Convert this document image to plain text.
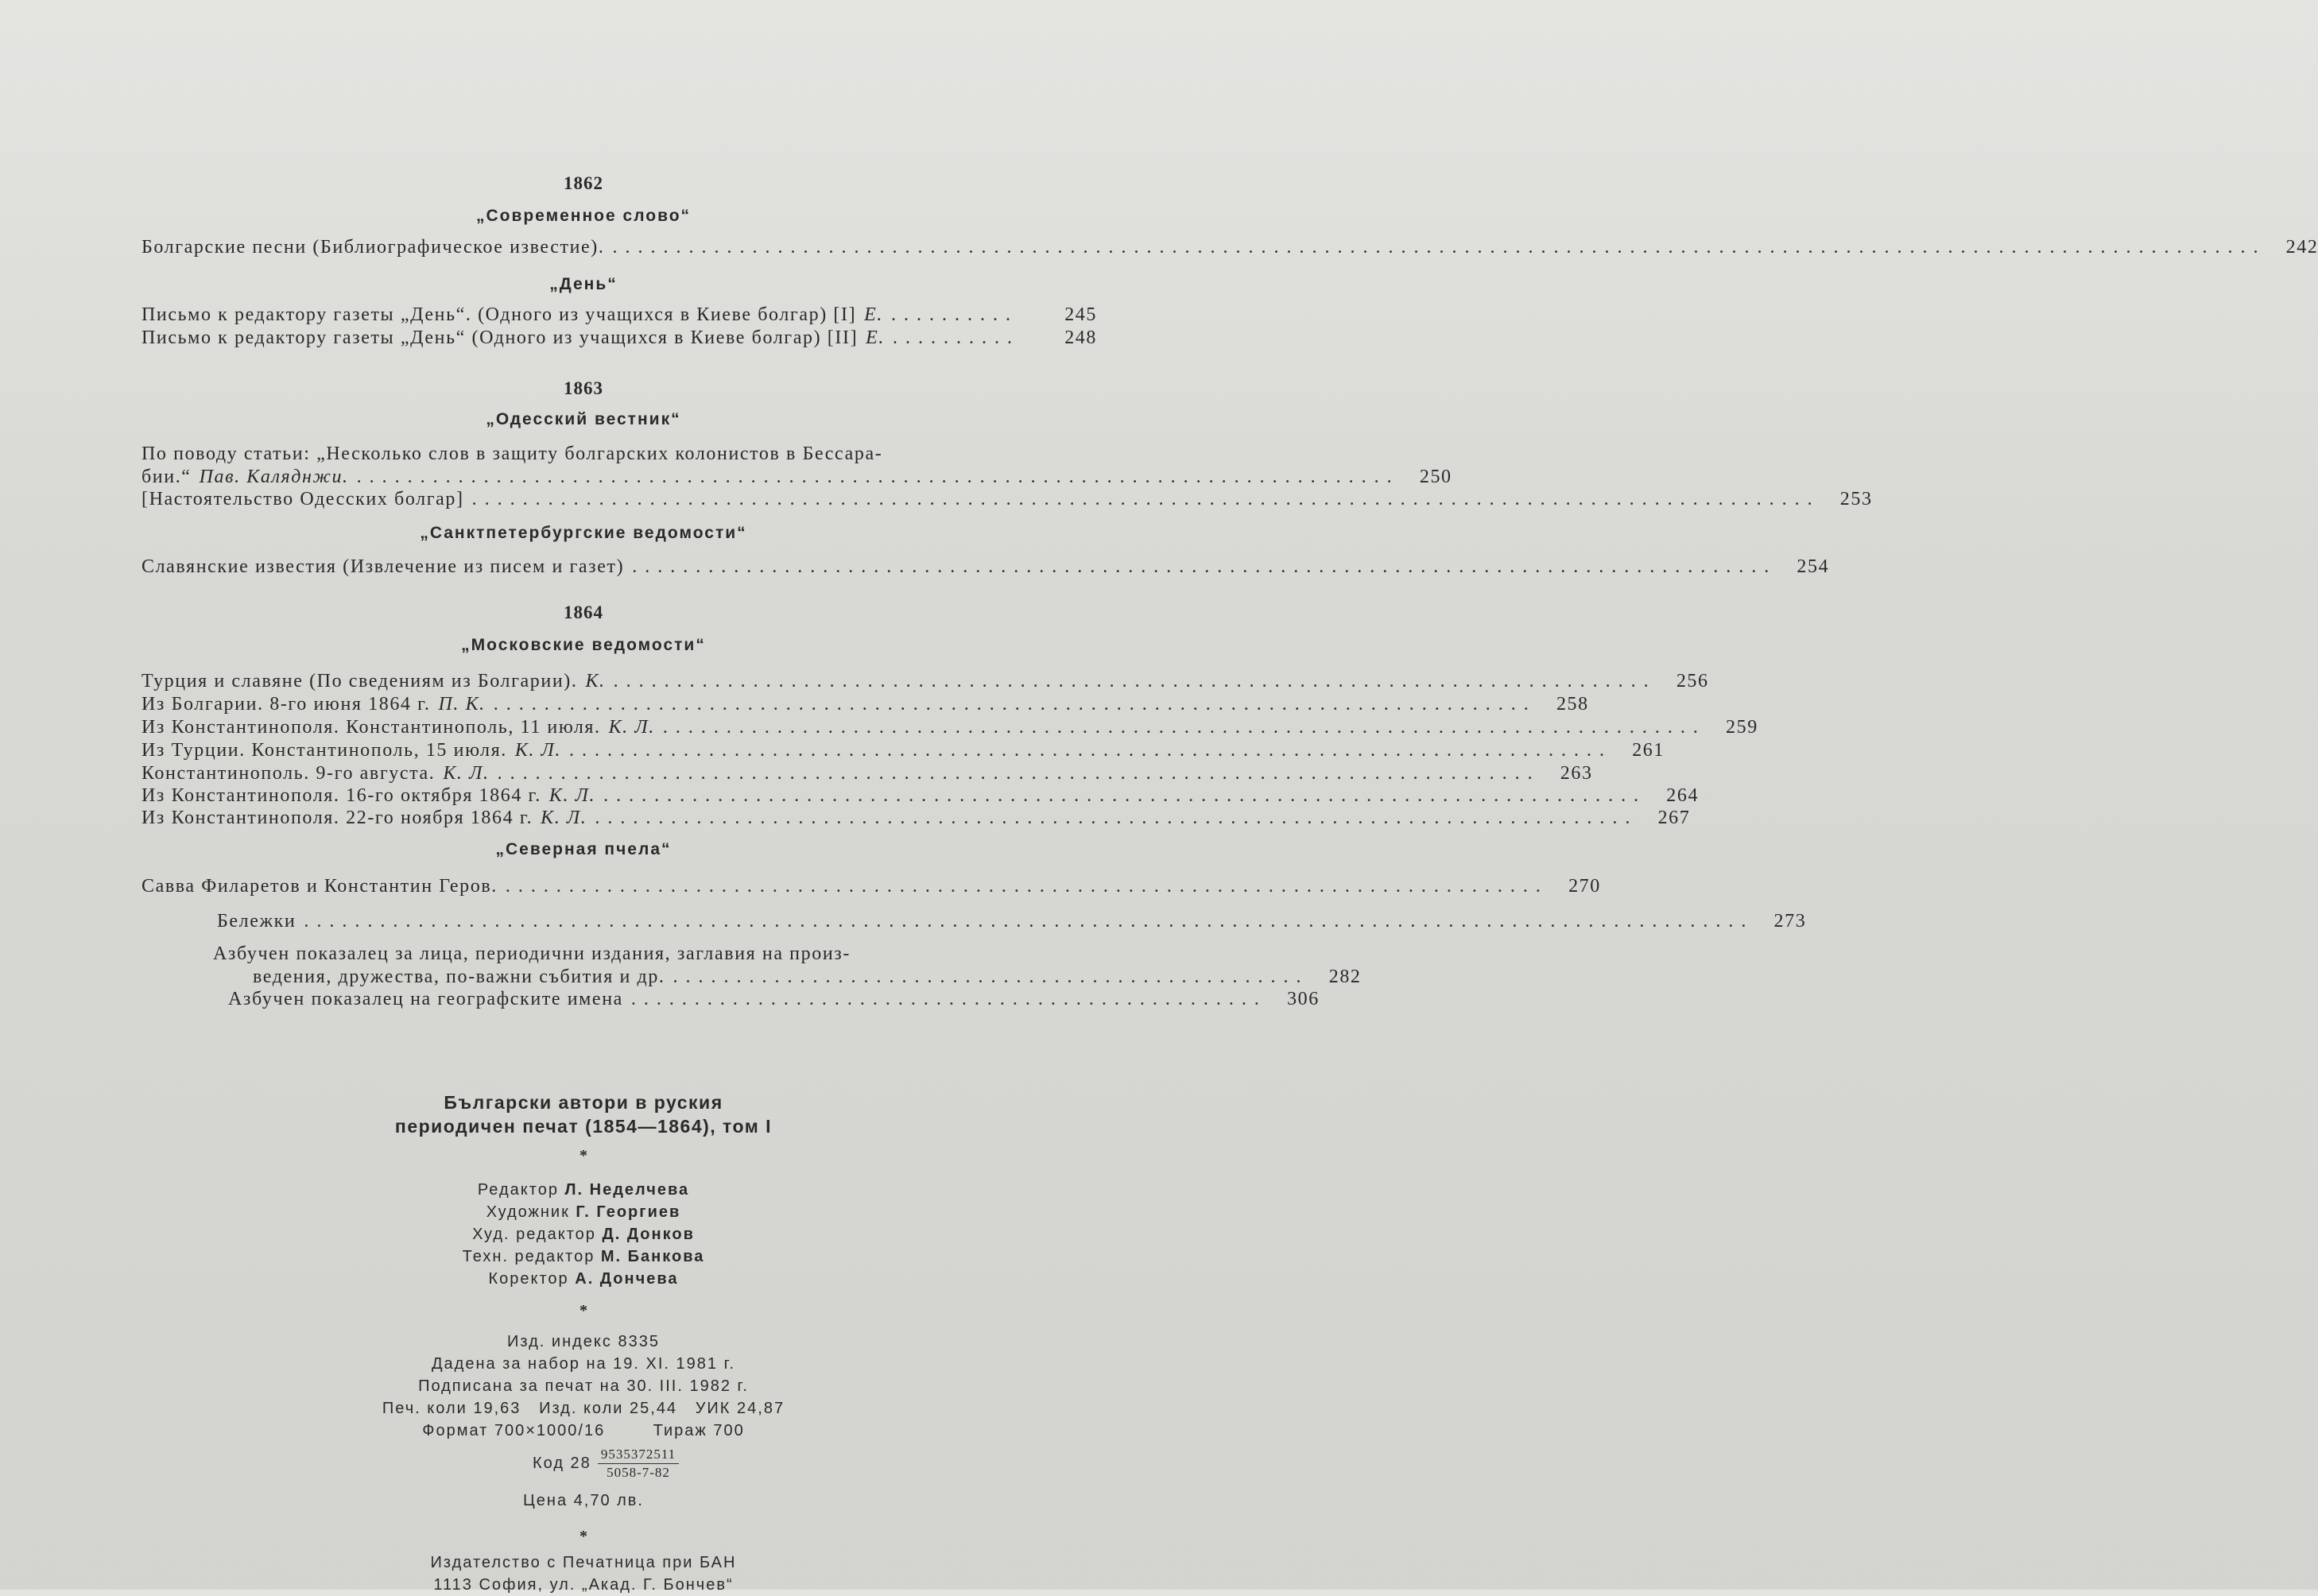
1862
„Современное слово“
Болгарские песни (Библиографическое известие). ..................................................................................................................................	242
„День“
Письмо к редактору газеты „День“. (Одного из учащихся в Киеве болгар) [I] Е. ..........	245
Письмо к редактору газеты „День“ (Одного из учащихся в Киеве болгар) [II] Е. ..........	248
1863
„Одесский вестник“
По поводу статьи: „Несколько слов в защиту болгарских колонистов в Бессара-
бии.“ Пав. Каляднжи. ..................................................................................	250
[Настоятельство Одесских болгар] ..........................................................................................................	253
„Санктпетербургские ведомости“
Славянские известия (Извлечение из писем и газет) ..........................................................................................	254
1864
„Московские ведомости“
Турция и славяне (По сведениям из Болгарии). К. ..................................................................................	256
Из Болгарии. 8-го июня 1864 г. П. К. ..................................................................................	258
Из Константинополя. Константинополь, 11 июля. К. Л. ..................................................................................	259
Из Турции. Константинополь, 15 июля. К. Л. ..................................................................................	261
Константинополь. 9-го августа. К. Л. ..................................................................................	263
Из Константинополя. 16-го октября 1864 г. К. Л. ..................................................................................	264
Из Константинополя. 22-го ноября 1864 г. К. Л. ..................................................................................	267
„Северная пчела“
Савва Филаретов и Константин Геров. ..................................................................................	270
Бележки ..................................................................................................................	273
Азбучен показалец за лица, периодични издания, заглавия на произ-
ведения, дружества, по-важни събития и др. ..................................................	282
Азбучен показалец на географските имена ..................................................	306
Български автори в руския
периодичен печат (1854—1864), том I
*
Редактор Л. Неделчева
Художник Г. Георгиев
Худ. редактор Д. Донков
Техн. редактор М. Банкова
Коректор А. Дончева
*
Изд. индекс 8335
Дадена за набор на 19. XI. 1981 г.
Подписана за печат на 30. III. 1982 г.
Печ. коли 19,63   Изд. коли 25,44   УИК 24,87
Формат 700×1000/16        Тираж 700
Код $28 \frac{9535372511}{5058-7-82}$
Цена 4,70 лв.
*
Издателство с Печатница при БАН
1113 София, ул. „Акад. Г. Бончев“
